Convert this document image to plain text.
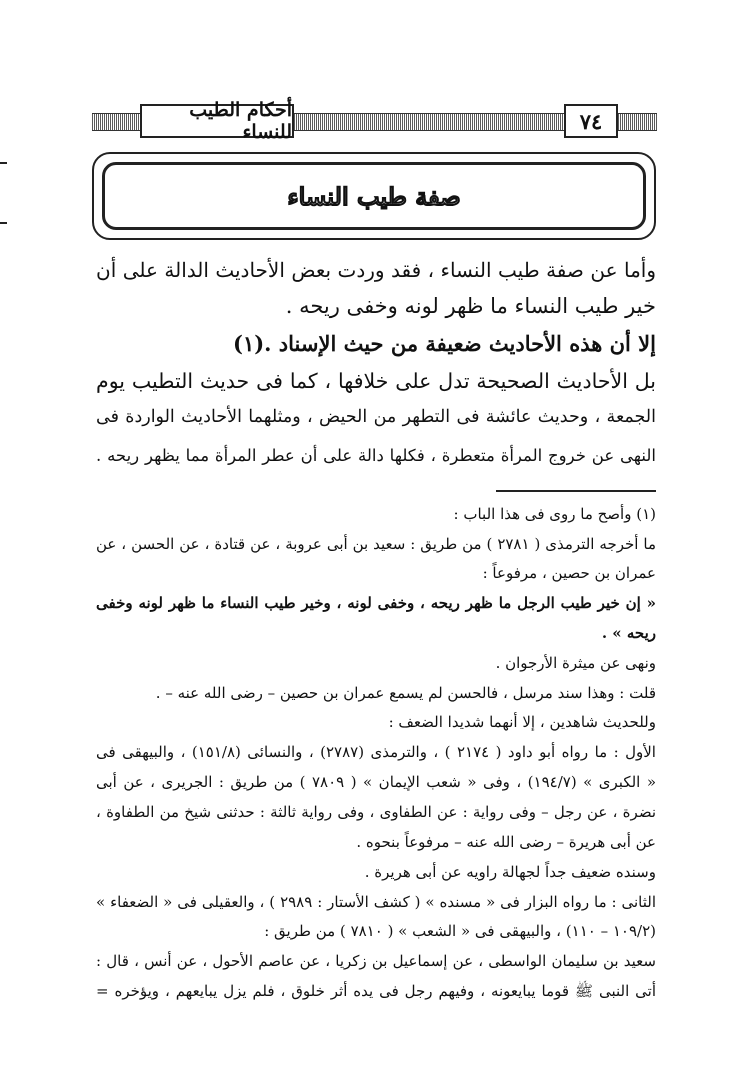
أحكام الطيب للنساء	٧٤
صفة طيب النساء
وأما عن صفة طيب النساء ، فقد وردت بعض الأحاديث الدالة على أن
خير طيب النساء ما ظهر لونه وخفى ريحه .
إلا أن هذه الأحاديث ضعيفة من حيث الإسناد .(١)
بل الأحاديث الصحيحة تدل على خلافها ، كما فى حديث التطيب يوم
الجمعة ، وحديث عائشة فى التطهر من الحيض ، ومثلهما الأحاديث الواردة فى
النهى عن خروج المرأة متعطرة ، فكلها دالة على أن عطر المرأة مما يظهر ريحه .
(١) وأصح ما روى فى هذا الباب :
ما أخرجه الترمذى ( ٢٧٨١ ) من طريق : سعيد بن أبى عروبة ، عن قتادة ، عن الحسن ، عن
عمران بن حصين ، مرفوعاً :
« إن خير طيب الرجل ما ظهر ريحه ، وخفى لونه ، وخير طيب النساء ما ظهر لونه وخفى
ريحه » .
ونهى عن ميثرة الأرجوان .
قلت : وهذا سند مرسل ، فالحسن لم يسمع عمران بن حصين – رضى الله عنه – .
وللحديث شاهدين ، إلا أنهما شديدا الضعف :
الأول : ما رواه أبو داود ( ٢١٧٤ ) ، والترمذى (٢٧٨٧) ، والنسائى (١٥١/٨) ، والبيهقى فى
« الكبرى » (١٩٤/٧) ، وفى « شعب الإيمان » ( ٧٨٠٩ ) من طريق : الجريرى ، عن أبى
نضرة ، عن رجل – وفى رواية : عن الطفاوى ، وفى رواية ثالثة : حدثنى شيخ من الطفاوة ،
عن أبى هريرة – رضى الله عنه – مرفوعاً بنحوه .
وسنده ضعيف جداً لجهالة راويه عن أبى هريرة .
الثانى : ما رواه البزار فى « مسنده » ( كشف الأستار : ٢٩٨٩ ) ، والعقيلى فى « الضعفاء »
(١٠٩/٢ – ١١٠) ، والبيهقى فى « الشعب » ( ٧٨١٠ ) من طريق :
سعيد بن سليمان الواسطى ، عن إسماعيل بن زكريا ، عن عاصم الأحول ، عن أنس ، قال :
أتى النبى ﷺ قوما يبايعونه ، وفيهم رجل فى يده أثر خلوق ، فلم يزل يبايعهم ، ويؤخره =
